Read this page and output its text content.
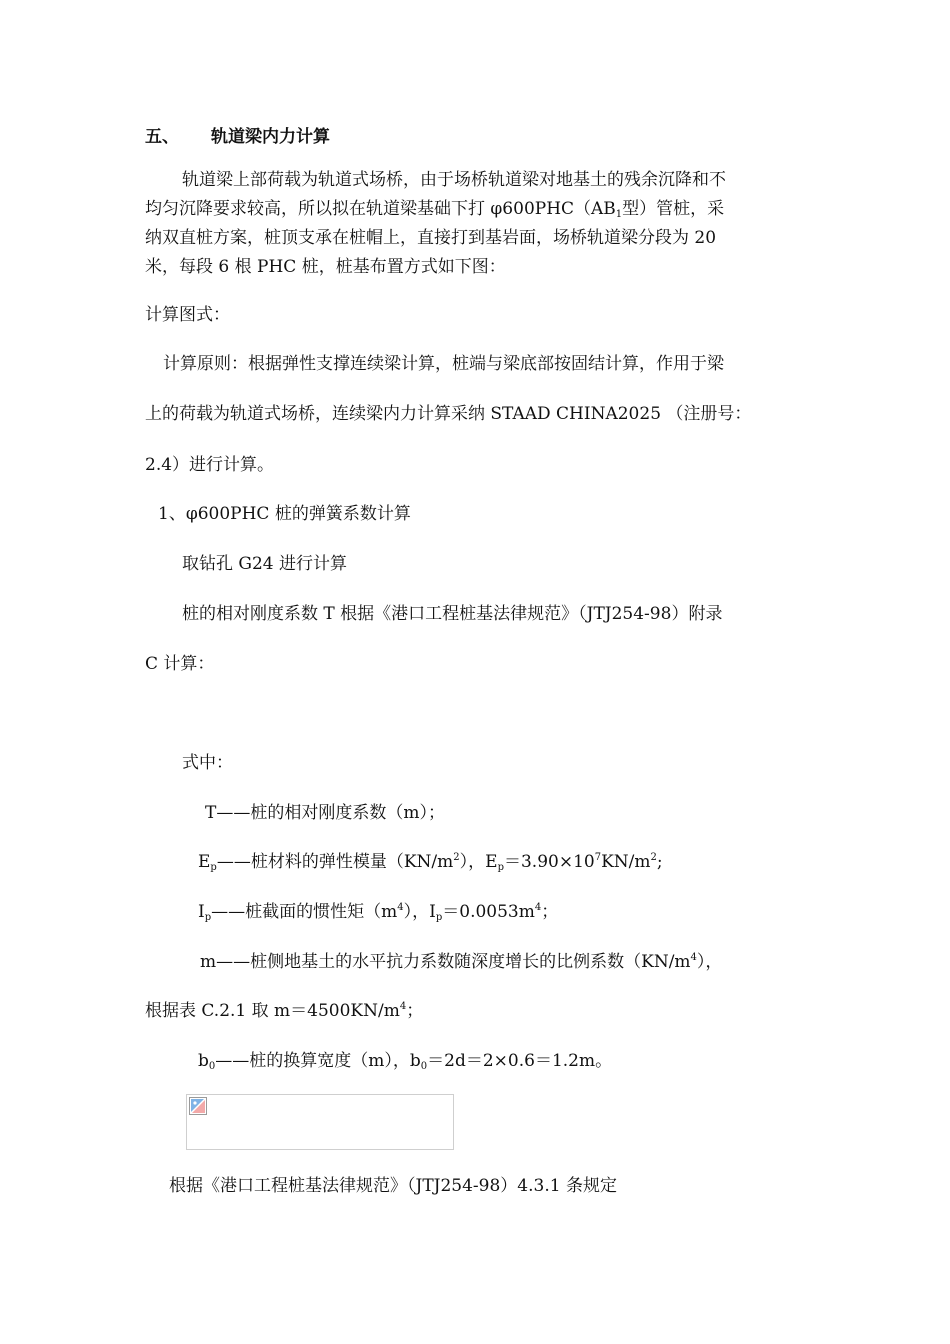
五、 轨道梁内力计算
轨道梁上部荷载为轨道式场桥，由于场桥轨道梁对地基土的残余沉降和不
均匀沉降要求较高，所以拟在轨道梁基础下打 $\varphi 600PHC(AB_1$型）管桩，采
纳双直桩方案，桩顶支承在桩帽上，直接打到基岩面，场桥轨道梁分段为 20
米，每段 6 根 PHC 桩，桩基布置方式如下图：
计算图式：
计算原则：根据弹性支撑连续梁计算，桩端与梁底部按固结计算，作用于梁
上的荷载为轨道式场桥，连续梁内力计算采纳 STAAD CHINA2025 （注册号：
2.4）进行计算。
1、φ600PHC 桩的弹簧系数计算
取钻孔 G24 进行计算
桩的相对刚度系数 T 根据《港口工程桩基法律规范》（JTJ254-98）附录
C 计算：
式中：
T——桩的相对刚度系数（m）；
$E_p——$桩材料的弹性模量$(KN/m^2)$，$E_p=3.90\times 10^7KN/m^2$;
$I_p——$桩截面的惯性矩$(m^4)$，$I_p=0.0053m^4$；
m——桩侧地基土的水平抗力系数随深度增长的比例系数$(KN/m^4)$，
根据表 C.2.1 取 $m=4500KN/m^4$；
$b_0——$桩的换算宽度（m），$b_0=2d=2\times 0.6=1.2m$。
根据《港口工程桩基法律规范》（JTJ254-98）4.3.1 条规定
